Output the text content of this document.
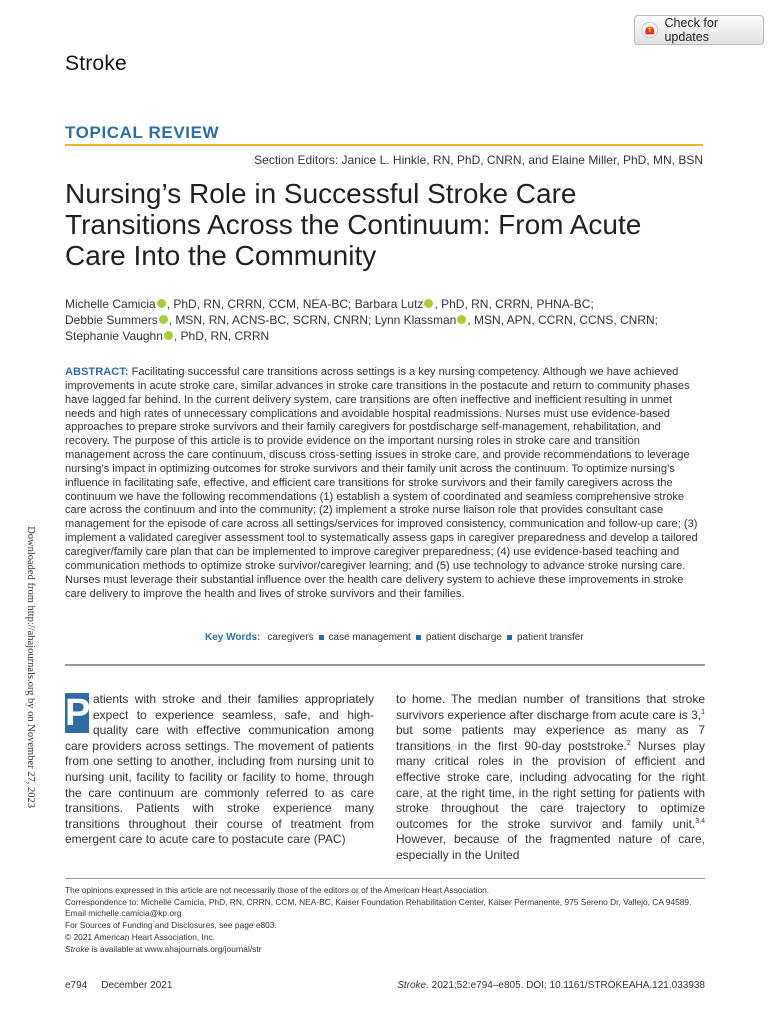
Check for updates
Stroke
TOPICAL REVIEW
Section Editors: Janice L. Hinkle, RN, PhD, CNRN, and Elaine Miller, PhD, MN, BSN
Nursing’s Role in Successful Stroke Care Transitions Across the Continuum: From Acute Care Into the Community
Michelle Camicia , PhD, RN, CRRN, CCM, NEA-BC; Barbara Lutz , PhD, RN, CRRN, PHNA-BC;
Debbie Summers , MSN, RN, ACNS-BC, SCRN, CNRN; Lynn Klassman , MSN, APN, CCRN, CCNS, CNRN;
Stephanie Vaughn , PhD, RN, CRRN

ABSTRACT: Facilitating successful care transitions across settings is a key nursing competency. Although we have achieved improvements in acute stroke care, similar advances in stroke care transitions in the postacute and return to community phases have lagged far behind. In the current delivery system, care transitions are often ineffective and inefficient resulting in unmet needs and high rates of unnecessary complications and avoidable hospital readmissions. Nurses must use evidence-based approaches to prepare stroke survivors and their family caregivers for postdischarge self-management, rehabilitation, and recovery. The purpose of this article is to provide evidence on the important nursing roles in stroke care and transition management across the care continuum, discuss cross-setting issues in stroke care, and provide recommendations to leverage nursing’s impact in optimizing outcomes for stroke survivors and their family unit across the continuum. To optimize nursing’s influence in facilitating safe, effective, and efficient care transitions for stroke survivors and their family caregivers across the continuum we have the following recommendations (1) establish a system of coordinated and seamless comprehensive stroke care across the continuum and into the community; (2) implement a stroke nurse liaison role that provides consultant case management for the episode of care across all settings/services for improved consistency, communication and follow-up care; (3) implement a validated caregiver assessment tool to systematically assess gaps in caregiver preparedness and develop a tailored caregiver/family care plan that can be implemented to improve caregiver preparedness; (4) use evidence-based teaching and communication methods to optimize stroke survivor/caregiver learning; and (5) use technology to advance stroke nursing care. Nurses must leverage their substantial influence over the health care delivery system to achieve these improvements in stroke care delivery to improve the health and lives of stroke survivors and their families.

Key Words: caregivers case management patient discharge patient transfer

P atients with stroke and their families appropriately expect to experience seamless, safe, and high-quality care with effective communication among care providers across settings. The movement of patients from one setting to another, including from nursing unit to nursing unit, facility to facility or facility to home, through the care continuum are commonly referred to as care transitions. Patients with stroke experience many transitions throughout their course of treatment from emergent care to acute care to postacute care (PAC)

to home. The median number of transitions that stroke survivors experience after discharge from acute care is 3,$^1$ but some patients may experience as many as 7 transitions in the first 90-day poststroke.$^2$ Nurses play many critical roles in the provision of efficient and effective stroke care, including advocating for the right care, at the right time, in the right setting for patients with stroke throughout the care trajectory to optimize outcomes for the stroke survivor and family unit.$^{3,4}$ However, because of the fragmented nature of care, especially in the United

Downloaded from http://ahajournals.org by on November 27, 2023
The opinions expressed in this article are not necessarily those of the editors or of the American Heart Association.
Correspondence to: Michelle Camicia, PhD, RN, CRRN, CCM, NEA-BC, Kaiser Foundation Rehabilitation Center, Kaiser Permanente, 975 Sereno Dr, Vallejo, CA 94589. Email michelle.camicia@kp.org
For Sources of Funding and Disclosures, see page e803.
© 2021 American Heart Association, Inc.
Stroke is available at www.ahajournals.org/journal/str
e794 December 2021	Stroke. 2021;52:e794–e805. DOI: 10.1161/STROKEAHA.121.033938
